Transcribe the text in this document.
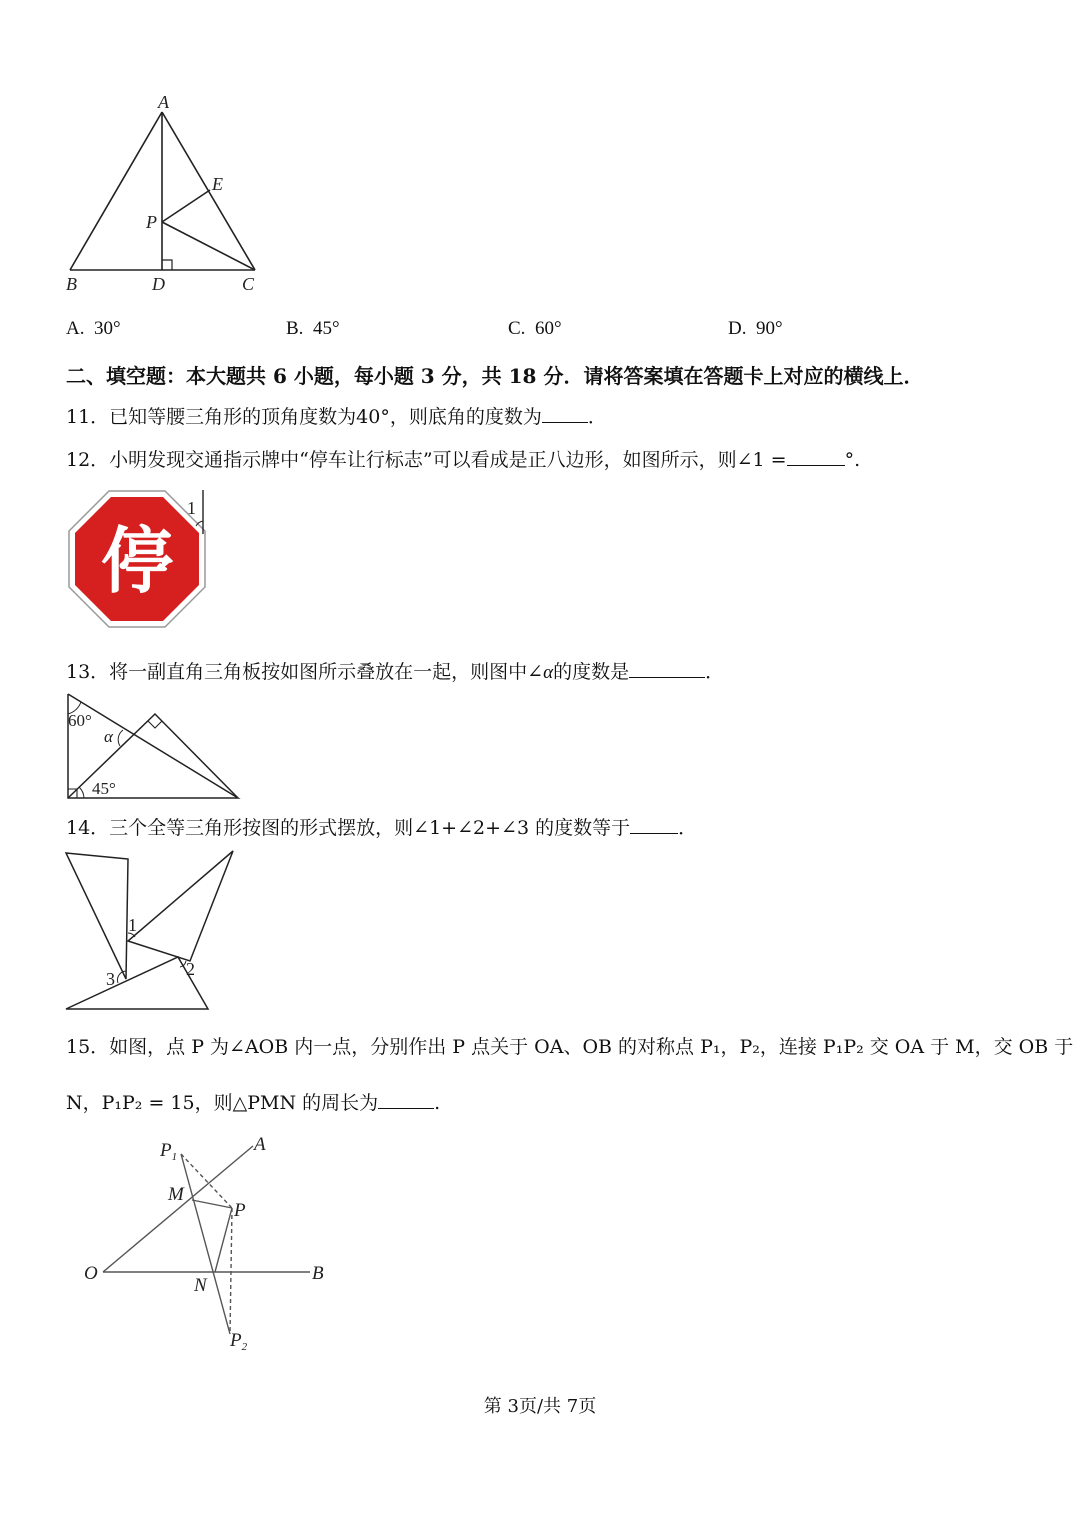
A
E
P
B	D	C
A. 30°	B. 45°	C. 60°	D. 90°
二、填空题：本大题共 6 小题，每小题 3 分，共 18 分．请将答案填在答题卡上对应的横线上．
11．已知等腰三角形的顶角度数为40°，则底角的度数为 ．
12．小明发现交通指示牌中“停车让行标志”可以看成是正八边形，如图所示，则∠1 =	°.
停
1
13．将一副直角三角板按如图所示叠放在一起，则图中∠α的度数是	．
60°
α
45°
14．三个全等三角形按图的形式摆放，则∠1+∠2+∠3 的度数等于	．
1
2
3
15．如图，点 P 为∠AOB 内一点，分别作出 P 点关于 OA、OB 的对称点 P₁，P₂，连接 P₁P₂ 交 OA 于 M，交 OB 于
N，P₁P₂ = 15，则△PMN 的周长为	.
$P_1$
A
M
P
O
N
B
$P_2$
第 3页/共 7页
